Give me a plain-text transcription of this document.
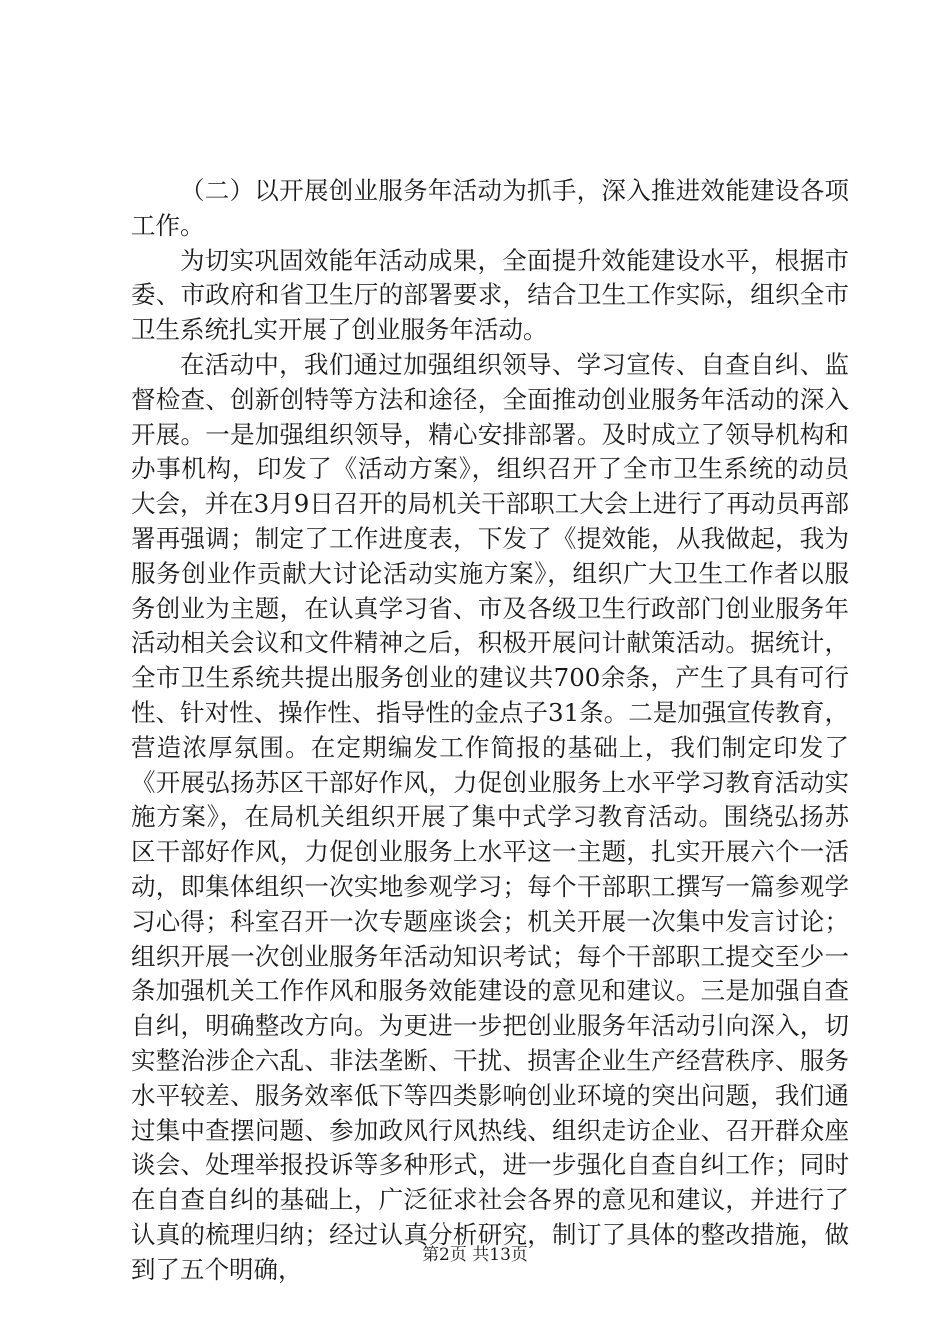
（二）以开展创业服务年活动为抓手，深入推进效能建设各项工作。

为切实巩固效能年活动成果，全面提升效能建设水平，根据市委、市政府和省卫生厅的部署要求，结合卫生工作实际，组织全市卫生系统扎实开展了创业服务年活动。

在活动中，我们通过加强组织领导、学习宣传、自查自纠、监督检查、创新创特等方法和途径，全面推动创业服务年活动的深入开展。一是加强组织领导，精心安排部署。及时成立了领导机构和办事机构，印发了《活动方案》，组织召开了全市卫生系统的动员大会，并在3月9日召开的局机关干部职工大会上进行了再动员再部署再强调；制定了工作进度表，下发了《提效能，从我做起，我为服务创业作贡献大讨论活动实施方案》，组织广大卫生工作者以服务创业为主题，在认真学习省、市及各级卫生行政部门创业服务年活动相关会议和文件精神之后，积极开展问计献策活动。据统计，全市卫生系统共提出服务创业的建议共700余条，产生了具有可行性、针对性、操作性、指导性的金点子31条。二是加强宣传教育，营造浓厚氛围。在定期编发工作简报的基础上，我们制定印发了《开展弘扬苏区干部好作风，力促创业服务上水平学习教育活动实施方案》，在局机关组织开展了集中式学习教育活动。围绕弘扬苏区干部好作风，力促创业服务上水平这一主题，扎实开展六个一活动，即集体组织一次实地参观学习；每个干部职工撰写一篇参观学习心得；科室召开一次专题座谈会；机关开展一次集中发言讨论；组织开展一次创业服务年活动知识考试；每个干部职工提交至少一条加强机关工作作风和服务效能建设的意见和建议。三是加强自查自纠，明确整改方向。为更进一步把创业服务年活动引向深入，切实整治涉企六乱、非法垄断、干扰、损害企业生产经营秩序、服务水平较差、服务效率低下等四类影响创业环境的突出问题，我们通过集中查摆问题、参加政风行风热线、组织走访企业、召开群众座谈会、处理举报投诉等多种形式，进一步强化自查自纠工作；同时在自查自纠的基础上，广泛征求社会各界的意见和建议，并进行了认真的梳理归纳；经过认真分析研究，制订了具体的整改措施，做到了五个明确，	第2页 共13页
